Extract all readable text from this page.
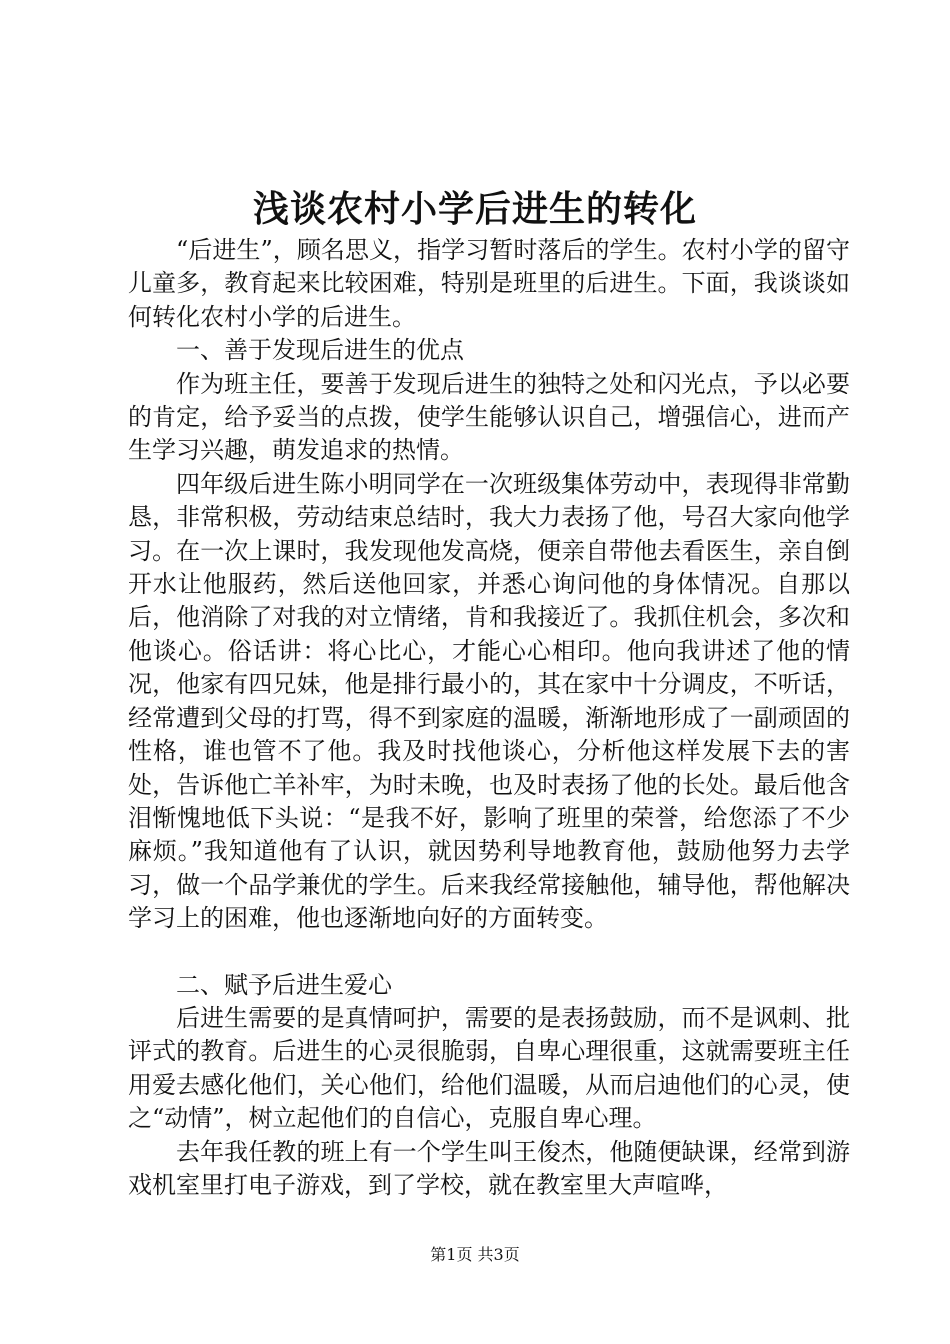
浅谈农村小学后进生的转化

“后进生”，顾名思义，指学习暂时落后的学生。农村小学的留守儿童多，教育起来比较困难，特别是班里的后进生。下面，我谈谈如何转化农村小学的后进生。

一、善于发现后进生的优点

作为班主任，要善于发现后进生的独特之处和闪光点，予以必要的肯定，给予妥当的点拨，使学生能够认识自己，增强信心，进而产生学习兴趣，萌发追求的热情。

四年级后进生陈小明同学在一次班级集体劳动中，表现得非常勤恳，非常积极，劳动结束总结时，我大力表扬了他，号召大家向他学习。在一次上课时，我发现他发高烧，便亲自带他去看医生，亲自倒开水让他服药，然后送他回家，并悉心询问他的身体情况。自那以后，他消除了对我的对立情绪，肯和我接近了。我抓住机会，多次和他谈心。俗话讲：将心比心，才能心心相印。他向我讲述了他的情况，他家有四兄妹，他是排行最小的，其在家中十分调皮，不听话，经常遭到父母的打骂，得不到家庭的温暖，渐渐地形成了一副顽固的性格，谁也管不了他。我及时找他谈心，分析他这样发展下去的害处，告诉他亡羊补牢，为时未晚，也及时表扬了他的长处。最后他含泪惭愧地低下头说：“是我不好，影响了班里的荣誉，给您添了不少麻烦。”我知道他有了认识，就因势利导地教育他，鼓励他努力去学习，做一个品学兼优的学生。后来我经常接触他，辅导他，帮他解决学习上的困难，他也逐渐地向好的方面转变。

二、赋予后进生爱心

后进生需要的是真情呵护，需要的是表扬鼓励，而不是讽刺、批评式的教育。后进生的心灵很脆弱，自卑心理很重，这就需要班主任用爱去感化他们，关心他们，给他们温暖，从而启迪他们的心灵，使之“动情”，树立起他们的自信心，克服自卑心理。

去年我任教的班上有一个学生叫王俊杰，他随便缺课，经常到游戏机室里打电子游戏，到了学校，就在教室里大声喧哗，

第1页 共3页
